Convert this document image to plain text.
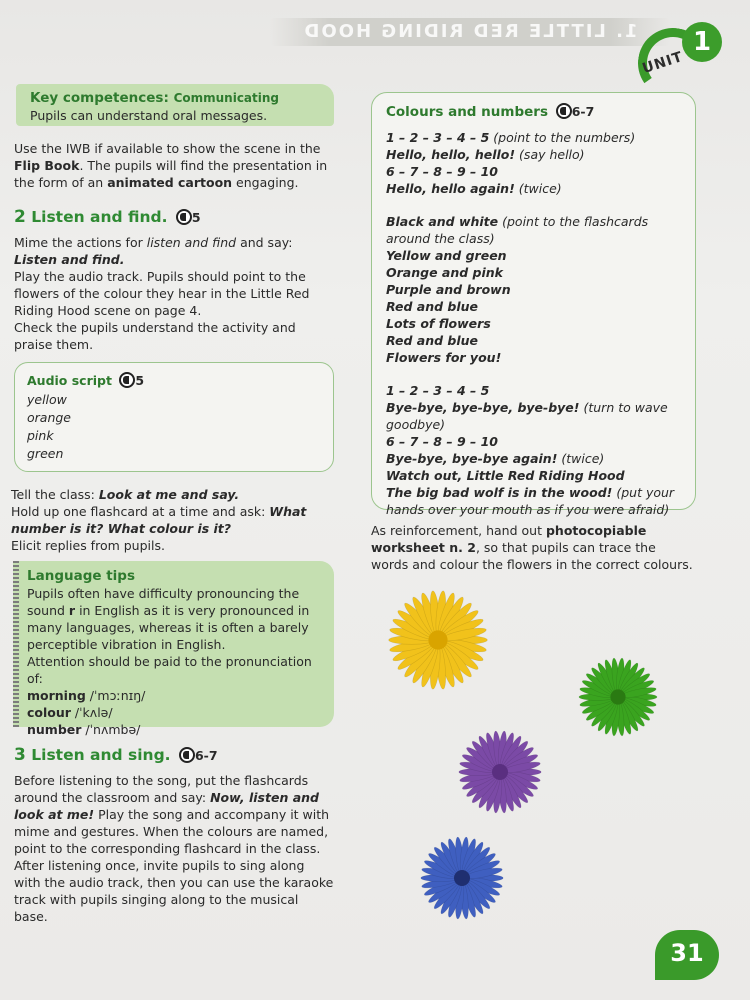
1. LITTLE RED RIDING HOOD	1
UNIT
Key competences: Communicating

Pupils can understand oral messages.

Use the IWB if available to show the scene in the Flip Book. The pupils will find the presentation in the form of an animated cartoon engaging.

2 Listen and find. 5

Mime the actions for listen and find and say:

Listen and find.

Play the audio track. Pupils should point to the flowers of the colour they hear in the Little Red Riding Hood scene on page 4.

Check the pupils understand the activity and praise them.

Audio script 5

yellow

orange

pink

green

Tell the class: Look at me and say.

Hold up one flashcard at a time and ask: What number is it? What colour is it?

Elicit replies from pupils.

Language tips

Pupils often have difficulty pronouncing the sound r in English as it is very pronounced in many languages, whereas it is often a barely perceptible vibration in English.

Attention should be paid to the pronunciation of:

morning /ˈmɔːnɪŋ/

colour /ˈkʌlə/

number /ˈnʌmbə/

3 Listen and sing. 6-7

Before listening to the song, put the flashcards around the classroom and say: Now, listen and look at me! Play the song and accompany it with mime and gestures. When the colours are named, point to the corresponding flashcard in the class.

After listening once, invite pupils to sing along with the audio track, then you can use the karaoke track with pupils singing along to the musical base.

Colours and numbers 6-7

1 – 2 – 3 – 4 – 5 (point to the numbers)

Hello, hello, hello! (say hello)

6 – 7 – 8 – 9 – 10

Hello, hello again! (twice)

Black and white (point to the flashcards around the class)

Yellow and green

Orange and pink

Purple and brown

Red and blue

Lots of flowers

Red and blue

Flowers for you!

1 – 2 – 3 – 4 – 5

Bye-bye, bye-bye, bye-bye! (turn to wave goodbye)

6 – 7 – 8 – 9 – 10

Bye-bye, bye-bye again! (twice)

Watch out, Little Red Riding Hood

The big bad wolf is in the wood! (put your hands over your mouth as if you were afraid)

As reinforcement, hand out photocopiable worksheet n. 2, so that pupils can trace the words and colour the flowers in the correct colours.

31
